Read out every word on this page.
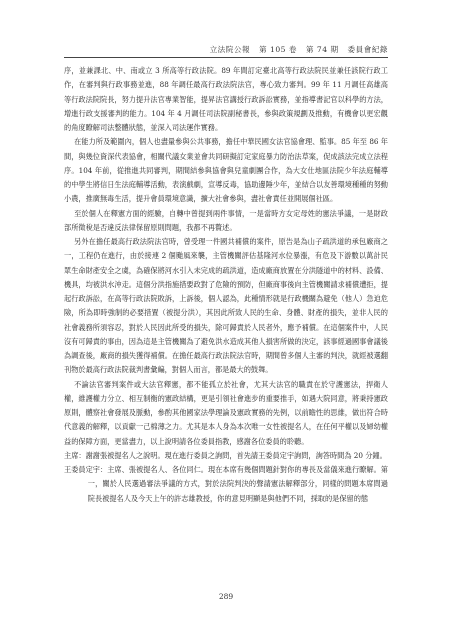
立法院公報 第 105 卷 第 74 期 委員會紀錄

序，並兼課北、中、南或立 3 所高等行政法院。89 年間訂定臺北高等行政法院民並兼任該院行政工作，在審判與行政事務並進，88 年調任最高行政法院法官，專心致力審判。99 年 11 月調任高雄高等行政法院院長，努力提升法官專業智能，提昇法官講授行政訴訟實務，並指導書記官以科學的方法，增進行政支援審判的能力。104 年 4 月調任司法院副秘書長，參與政策規劃及推動，有機會以更宏觀的角度瞭解司法整體狀態，並深入司法運作實務。

在能力所及範圍內，個人也盡量參與公共事務，擔任中華民國女法官協會理、監事。85 年至 86 年間，與幾位資深代表協會，相關代議女業並會共同研擬訂定家庭暴力防治法草案，促成該法完成立法程序。104 年前，從推進共同審判，期間結參與協會與兒童劇團合作，為大女仕地區法院少年法庭輔導的中學生將信日生法庭輔導活動，表演戲劇，宣導反毒，協助邊陲少年，並結合以友善環境種種的努動小農，推廣無毒生活，提升會員環境意識，擴大社會參與，盡社會責任並開展個社區。

至於個人在釋憲方面的經驗，自轉中曾提到兩件事情，一是當時方女定母姓的憲法爭議，一是財政部所徵稅是否違反法律保留原則問題，我都不再贅述。

另外在擔任最高行政法院法官時，曾受理一件國共補償的案件，原告是為山子疏洪道的承包廠商之一，工程仍在進行，由於接連 2 個颱風來襲，主管機關評估基隆河水位暴漲，有危及下游數以萬計民眾生命財產安全之虞，為確保將河水引入未完成的疏洪道，造成廠商放置在分洪隧道中的材料、設備、機具，均被洪水沖走。這個分洪指施措要政對了危險的預防，但廠商事後向主管機關請求補償遭拒，提起行政訴訟，在高等行政法院敗訴，上訴後，個人認為，此種情形就是行政機關為避免（他人）急迫危險，所為即時強制的必要措置（被提分洪），其因此所致人民的生命、身體、財產的損失，並非人民的社會義務所須容忍，對於人民因此所受的損失，除可歸責於人民者外，應予補償。在這個案件中，人民沒有可歸責的事由，因為這是主管機關為了避免洪水造成其他人損害所做的決定，該事經過國事會議後為調查後，廠商的損失獲得補償。在擔任最高行政法院法官時，期間曾多個人主審的判決，就經被選翻刊物於最高行政法院裁判書彙編，對個人而言，都是最大的鼓舞。

不論法官審判案件或大法官釋憲，都不能孤立於社會，尤其大法官的職責在於守護憲法，捍衛人權，維護權力分立、相互制衡的憲政結構，更是引領社會進步的重要推手，如遇大院同意，將秉持憲政原則，體察社會發展及脈動，參酌其他國家法學理論及憲政實務的先例，以前瞻性的思維，做出符合時代意義的解釋，以貢獻一己棉薄之力。尤其是本人身為本次唯一女性被提名人，在任何平權以及婦幼權益的保障方面，更當盡力，以上說明請各位委員指教，感謝各位委員的聆聽。

主席：謝謝張被提名人之說明。現在進行委員之詢問，首先請王委員定宇詢問，詢答時間為 20 分鐘。

王委員定宇：主席、張被提名人、各位同仁。現在本席有幾個問題針對你的專長及當儀來進行瞭解。第一，關於人民選過審法爭議的方式，對於法院判決的聲請憲法解釋部分，同樣的問題本席問過院長被提名人及今天上午的許志雄教授，你的意見明顯是與他們不同，採取的是保留的態

289
